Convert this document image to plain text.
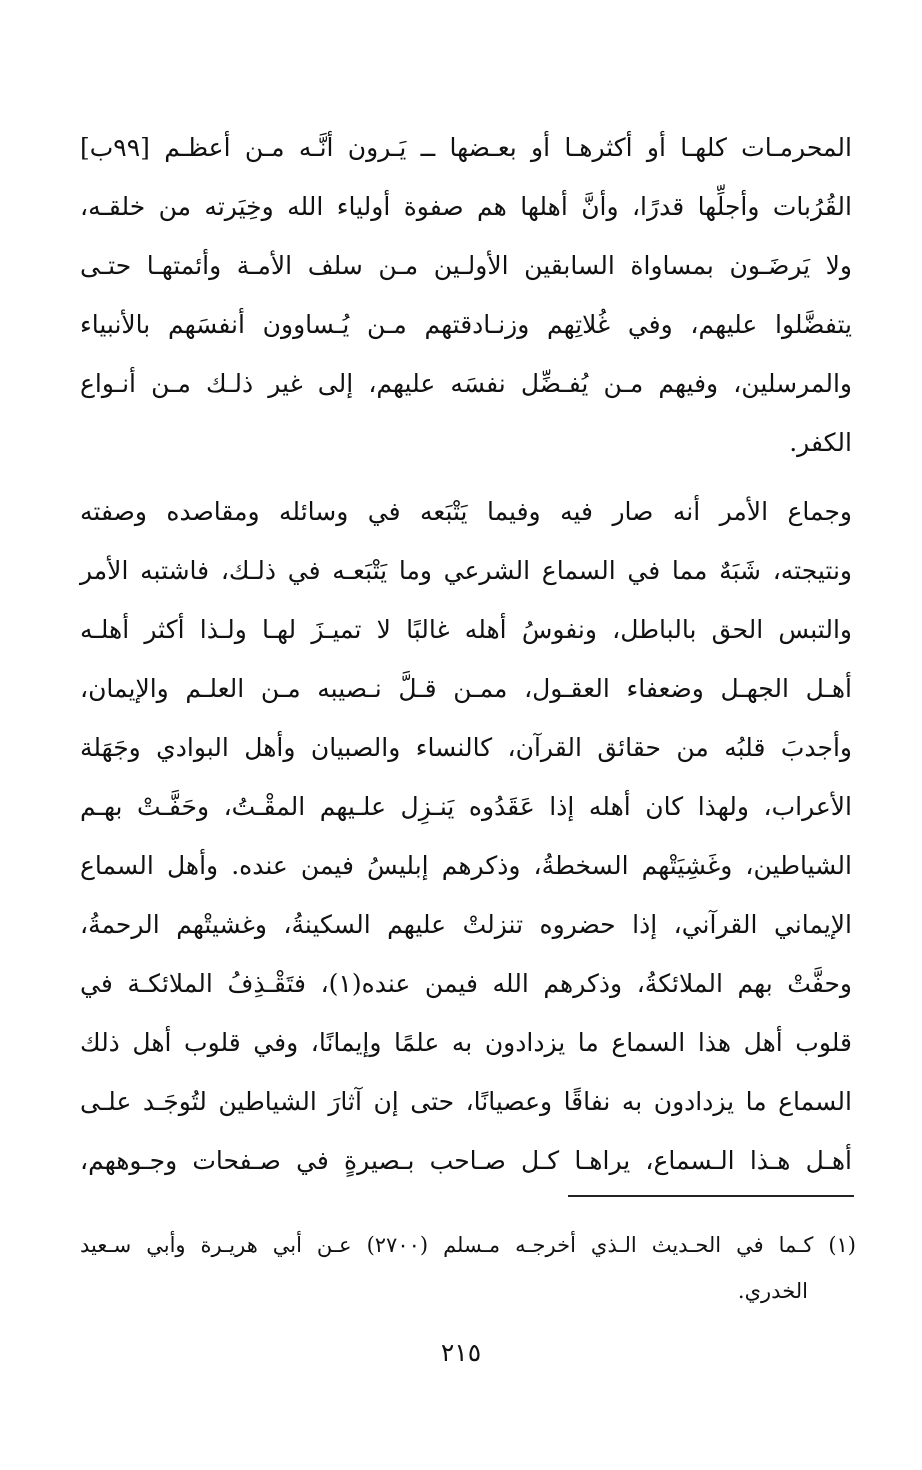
المحرمـات كلهـا أو أكثرهـا أو بعـضها ــ يَـرون أنَّـه مـن أعظـم [٩٩ب]
القُرُبات وأجلِّها قدرًا، وأنَّ أهلها هم صفوة أولياء الله وخِيَرته من خلقـه،
ولا يَرضَـون بمساواة السابقين الأولـين مـن سلف الأمـة وأئمتهـا حتـى
يتفضَّلوا عليهم، وفي غُلاتِهم وزنـادقتهم مـن يُـساوون أنفسَهم بالأنبياء
والمرسلين، وفيهم مـن يُفـضِّل نفسَه عليهم، إلى غير ذلـك مـن أنـواع
الكفر.
وجماع الأمر أنه صار فيه وفيما يَتْبَعه في وسائله ومقاصده وصفته
ونتيجته، شَبَهٌ مما في السماع الشرعي وما يَتْبَعـه في ذلـك، فاشتبه الأمر
والتبس الحق بالباطل، ونفوسُ أهله غالبًا لا تميـزَ لهـا ولـذا أكثر أهلـه
أهـل الجهـل وضعفاء العقـول، ممـن قـلَّ نـصيبه مـن العلـم والإيمان،
وأجدبَ قلبُه من حقائق القرآن، كالنساء والصبيان وأهل البوادي وجَهَلة
الأعراب، ولهذا كان أهله إذا عَقَدُوه يَنـزِل علـيهم المقْـتُ، وحَفَّـتْ بهـم
الشياطين، وغَشِيَتْهم السخطةُ، وذكرهم إبليسُ فيمن عنده. وأهل السماع
الإيماني القرآني، إذا حضروه تنزلتْ عليهم السكينةُ، وغشيتْهم الرحمةُ،
وحفَّتْ بهم الملائكةُ، وذكرهم الله فيمن عنده(١)، فتَقْـذِفُ الملائكـة في
قلوب أهل هذا السماع ما يزدادون به علمًا وإيمانًا، وفي قلوب أهل ذلك
السماع ما يزدادون به نفاقًا وعصيانًا، حتى إن آثارَ الشياطين لتُوجَـد علـى
أهـل هـذا الـسماع، يراهـا كـل صـاحب بـصيرةٍ في صـفحات وجـوههم،
(١) كـما في الحـديث الـذي أخرجـه مـسلم (٢٧٠٠) عـن أبي هريـرة وأبي سـعيد
الخدري.
٢١٥
